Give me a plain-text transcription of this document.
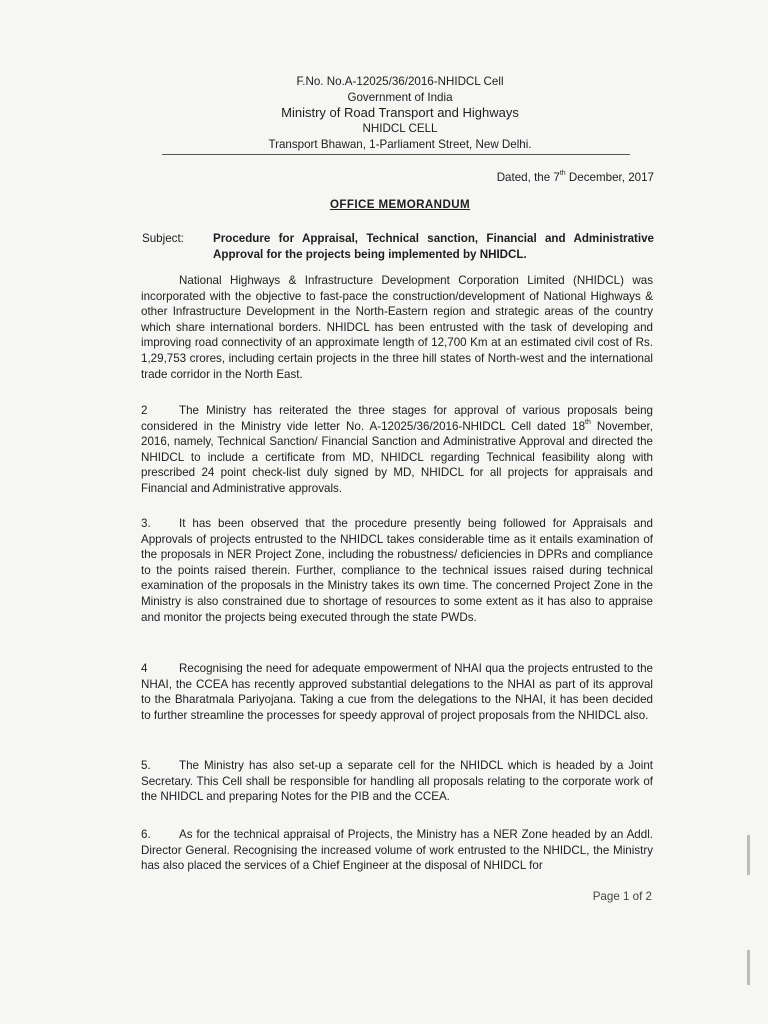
F.No. No.A-12025/36/2016-NHIDCL Cell
Government of India
Ministry of Road Transport and Highways
NHIDCL CELL
Transport Bhawan, 1-Parliament Street, New Delhi.
Dated, the 7th December, 2017
OFFICE MEMORANDUM
Subject:	Procedure for Appraisal, Technical sanction, Financial and Administrative Approval for the projects being implemented by NHIDCL.
National Highways & Infrastructure Development Corporation Limited (NHIDCL) was incorporated with the objective to fast-pace the construction/development of National Highways & other Infrastructure Development in the North-Eastern region and strategic areas of the country which share international borders. NHIDCL has been entrusted with the task of developing and improving road connectivity of an approximate length of 12,700 Km at an estimated civil cost of Rs. 1,29,753 crores, including certain projects in the three hill states of North-west and the international trade corridor in the North East.
2	The Ministry has reiterated the three stages for approval of various proposals being considered in the Ministry vide letter No. A-12025/36/2016-NHIDCL Cell dated 18th November, 2016, namely, Technical Sanction/ Financial Sanction and Administrative Approval and directed the NHIDCL to include a certificate from MD, NHIDCL regarding Technical feasibility along with prescribed 24 point check-list duly signed by MD, NHIDCL for all projects for appraisals and Financial and Administrative approvals.
3. It has been observed that the procedure presently being followed for Appraisals and Approvals of projects entrusted to the NHIDCL takes considerable time as it entails examination of the proposals in NER Project Zone, including the robustness/ deficiencies in DPRs and compliance to the points raised therein. Further, compliance to the technical issues raised during technical examination of the proposals in the Ministry takes its own time. The concerned Project Zone in the Ministry is also constrained due to shortage of resources to some extent as it has also to appraise and monitor the projects being executed through the state PWDs.
4	Recognising the need for adequate empowerment of NHAI qua the projects entrusted to the NHAI, the CCEA has recently approved substantial delegations to the NHAI as part of its approval to the Bharatmala Pariyojana. Taking a cue from the delegations to the NHAI, it has been decided to further streamline the processes for speedy approval of project proposals from the NHIDCL also.
5. The Ministry has also set-up a separate cell for the NHIDCL which is headed by a Joint Secretary. This Cell shall be responsible for handling all proposals relating to the corporate work of the NHIDCL and preparing Notes for the PIB and the CCEA.
6. As for the technical appraisal of Projects, the Ministry has a NER Zone headed by an Addl. Director General. Recognising the increased volume of work entrusted to the NHIDCL, the Ministry has also placed the services of a Chief Engineer at the disposal of NHIDCL for
Page 1 of 2
